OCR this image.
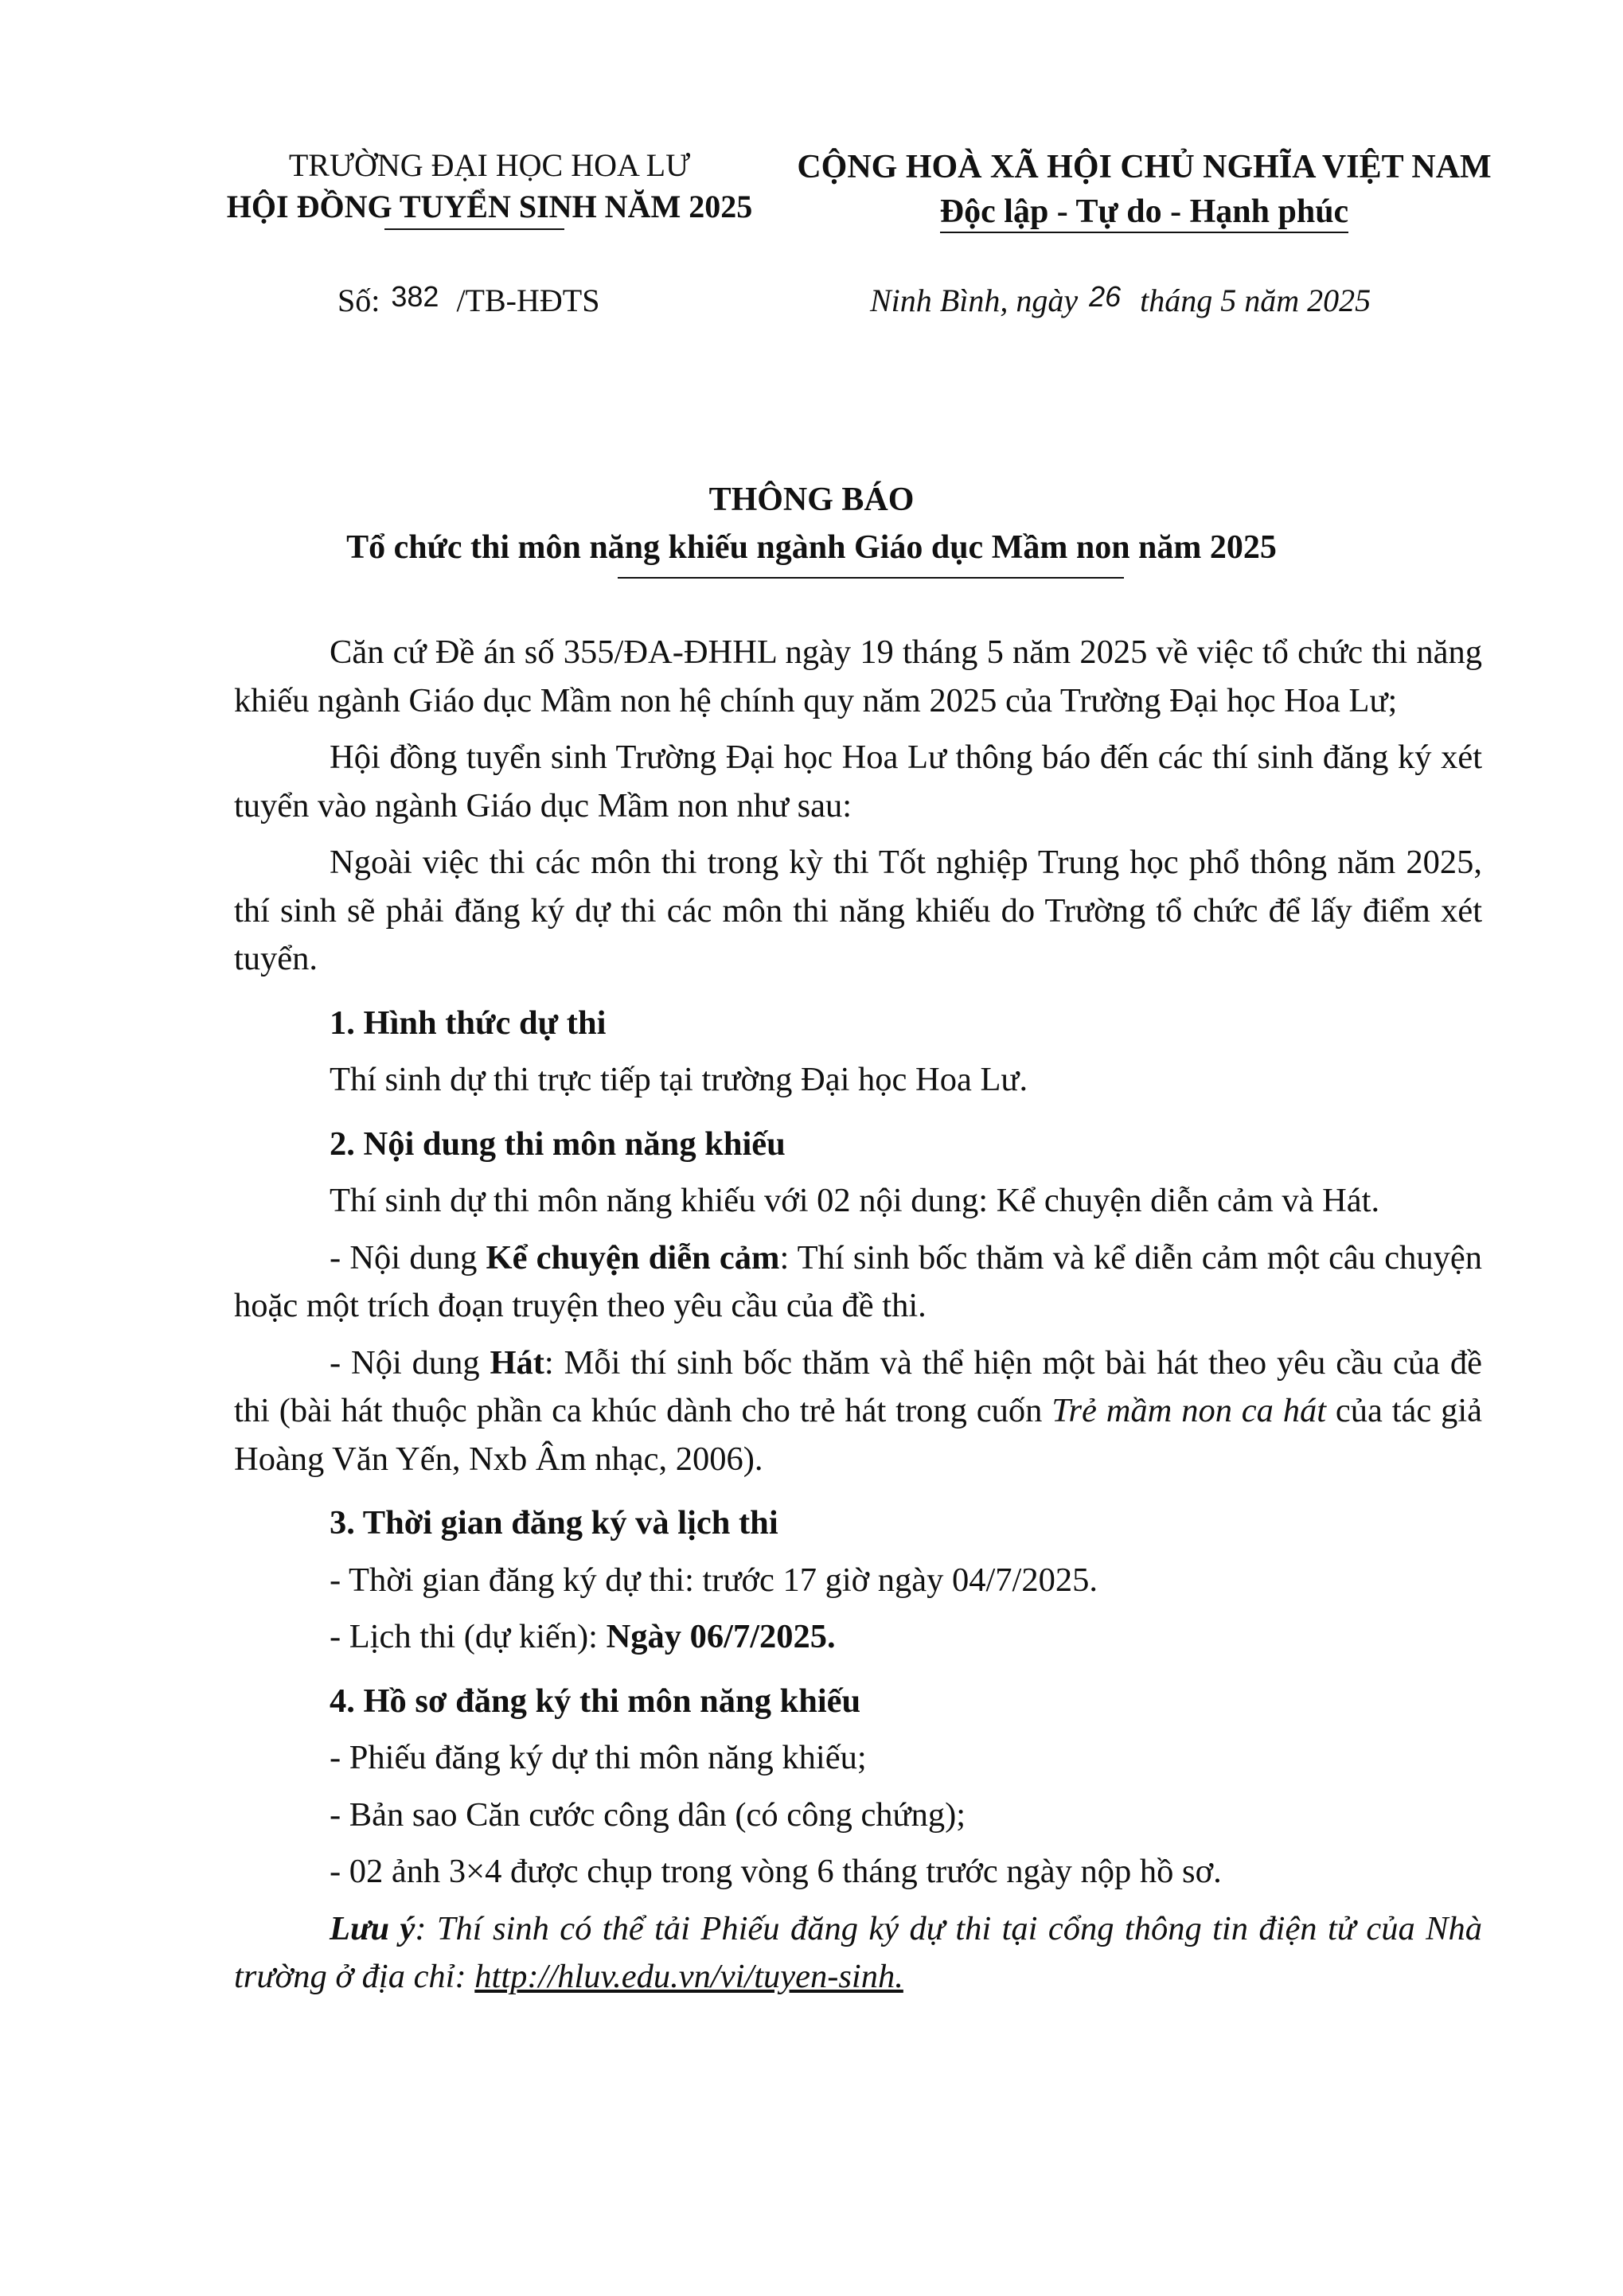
TRƯỜNG ĐẠI HỌC HOA LƯ
HỘI ĐỒNG TUYỂN SINH NĂM 2025
CỘNG HOÀ XÃ HỘI CHỦ NGHĨA VIỆT NAM
Độc lập - Tự do - Hạnh phúc
Số: 382 /TB-HĐTS	Ninh Bình, ngày 26 tháng 5 năm 2025
THÔNG BÁO
Tổ chức thi môn năng khiếu ngành Giáo dục Mầm non năm 2025
Căn cứ Đề án số 355/ĐA-ĐHHL ngày 19 tháng 5 năm 2025 về việc tổ chức thi năng khiếu ngành Giáo dục Mầm non hệ chính quy năm 2025 của Trường Đại học Hoa Lư;
Hội đồng tuyển sinh Trường Đại học Hoa Lư thông báo đến các thí sinh đăng ký xét tuyển vào ngành Giáo dục Mầm non như sau:
Ngoài việc thi các môn thi trong kỳ thi Tốt nghiệp Trung học phổ thông năm 2025, thí sinh sẽ phải đăng ký dự thi các môn thi năng khiếu do Trường tổ chức để lấy điểm xét tuyển.
1. Hình thức dự thi
Thí sinh dự thi trực tiếp tại trường Đại học Hoa Lư.
2. Nội dung thi môn năng khiếu
Thí sinh dự thi môn năng khiếu với 02 nội dung: Kể chuyện diễn cảm và Hát.
- Nội dung Kể chuyện diễn cảm: Thí sinh bốc thăm và kể diễn cảm một câu chuyện hoặc một trích đoạn truyện theo yêu cầu của đề thi.
- Nội dung Hát: Mỗi thí sinh bốc thăm và thể hiện một bài hát theo yêu cầu của đề thi (bài hát thuộc phần ca khúc dành cho trẻ hát trong cuốn Trẻ mầm non ca hát của tác giả Hoàng Văn Yến, Nxb Âm nhạc, 2006).
3. Thời gian đăng ký và lịch thi
- Thời gian đăng ký dự thi: trước 17 giờ ngày 04/7/2025.
- Lịch thi (dự kiến): Ngày 06/7/2025.
4. Hồ sơ đăng ký thi môn năng khiếu
- Phiếu đăng ký dự thi môn năng khiếu;
- Bản sao Căn cước công dân (có công chứng);
- 02 ảnh 3×4 được chụp trong vòng 6 tháng trước ngày nộp hồ sơ.
Lưu ý: Thí sinh có thể tải Phiếu đăng ký dự thi tại cổng thông tin điện tử của Nhà trường ở địa chỉ: http://hluv.edu.vn/vi/tuyen-sinh.
